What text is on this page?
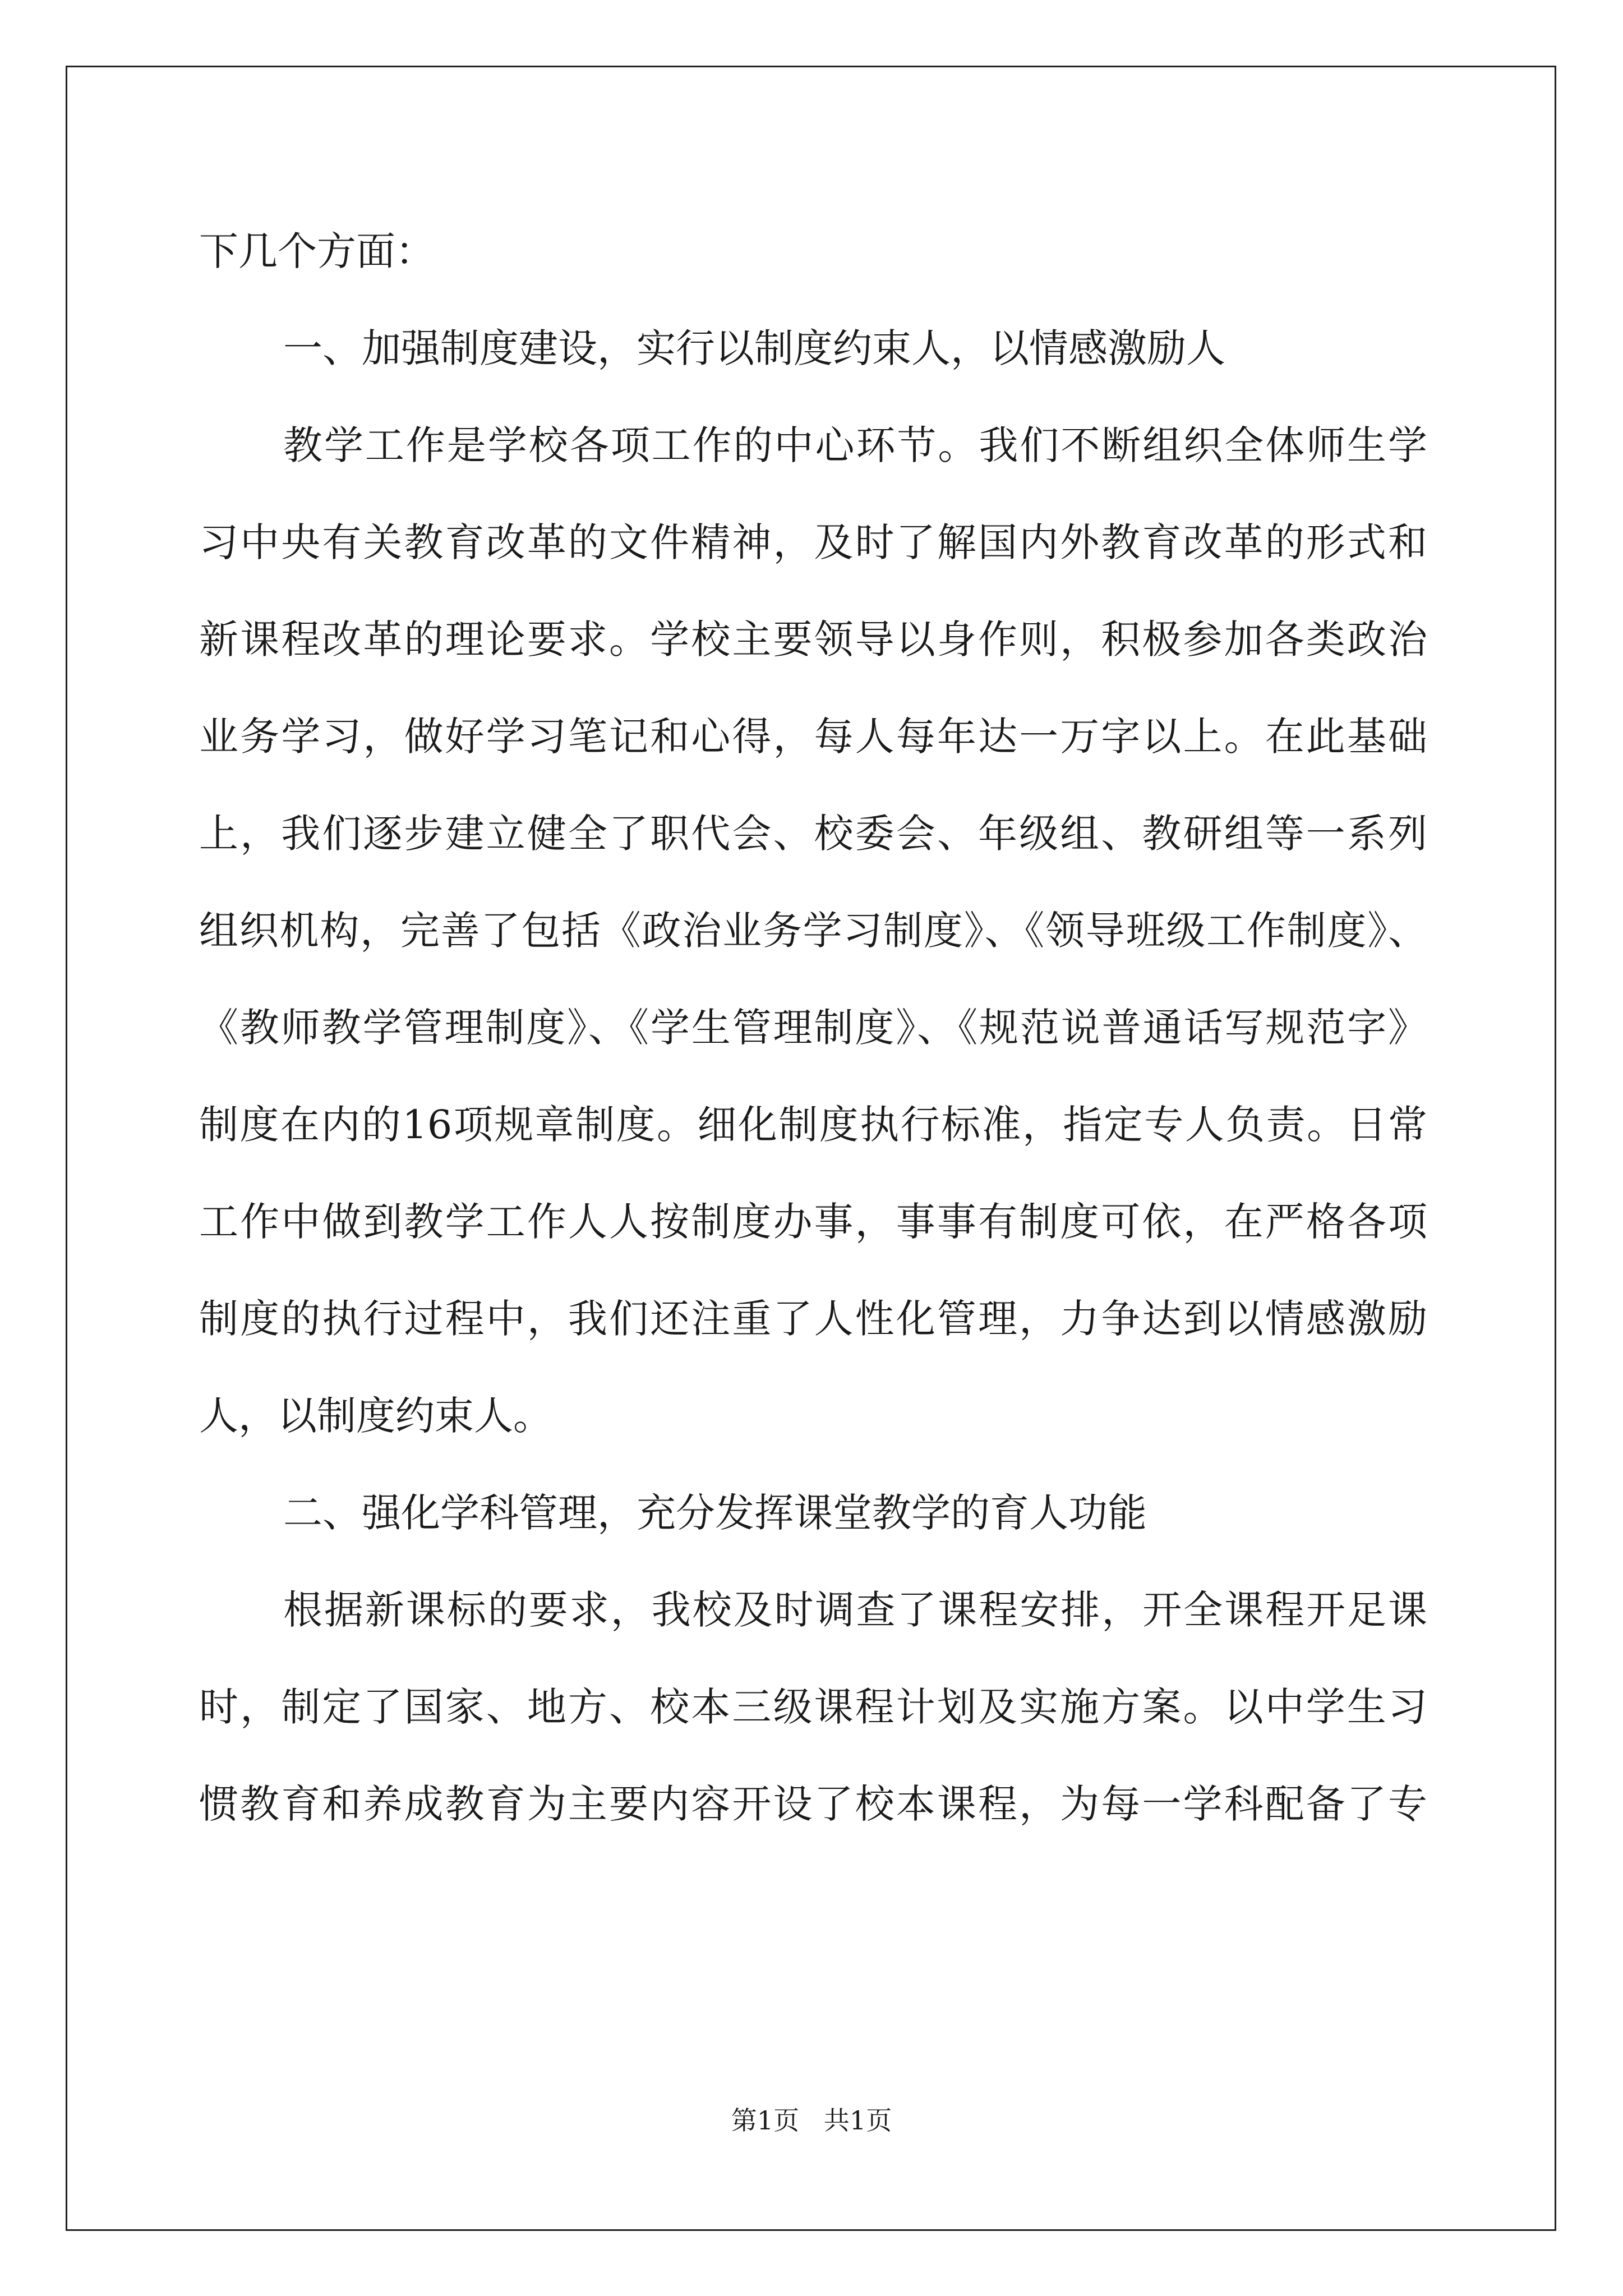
下几个方面：
一、加强制度建设，实行以制度约束人，以情感激励人
教学工作是学校各项工作的中心环节。我们不断组织全体师生学
习中央有关教育改革的文件精神，及时了解国内外教育改革的形式和
新课程改革的理论要求。学校主要领导以身作则，积极参加各类政治
业务学习，做好学习笔记和心得，每人每年达一万字以上。在此基础
上，我们逐步建立健全了职代会、校委会、年级组、教研组等一系列
组织机构，完善了包括《政治业务学习制度》、《领导班级工作制度》、
《教师教学管理制度》、《学生管理制度》、《规范说普通话写规范字》
制度在内的16项规章制度。细化制度执行标准，指定专人负责。日常
工作中做到教学工作人人按制度办事，事事有制度可依，在严格各项
制度的执行过程中，我们还注重了人性化管理，力争达到以情感激励
人，以制度约束人。
二、强化学科管理，充分发挥课堂教学的育人功能
根据新课标的要求，我校及时调查了课程安排，开全课程开足课
时，制定了国家、地方、校本三级课程计划及实施方案。以中学生习
惯教育和养成教育为主要内容开设了校本课程，为每一学科配备了专
第1页   共1页
